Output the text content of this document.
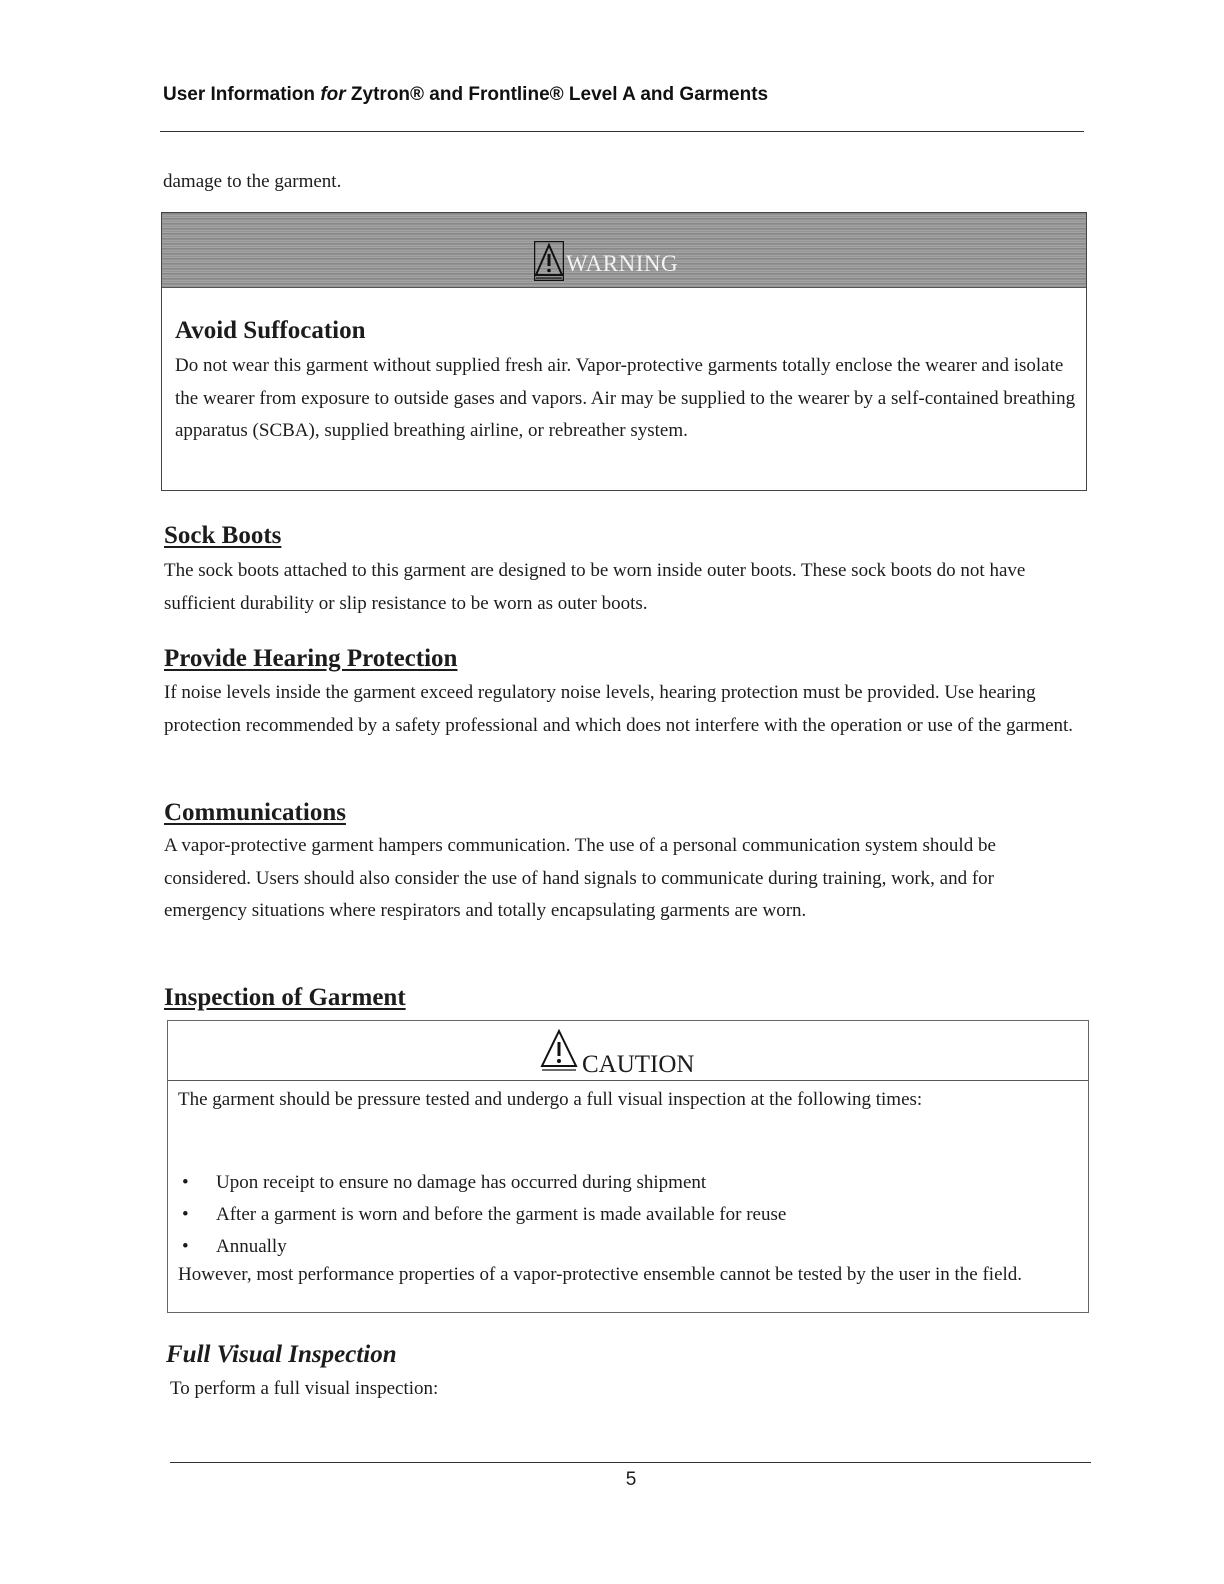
User Information for Zytron® and Frontline® Level A and Garments
damage to the garment.
WARNING
Avoid Suffocation
Do not wear this garment without supplied fresh air. Vapor-protective garments totally enclose the wearer and isolate the wearer from exposure to outside gases and vapors. Air may be supplied to the wearer by a self-contained breathing apparatus (SCBA), supplied breathing airline, or rebreather system.
Sock Boots
The sock boots attached to this garment are designed to be worn inside outer boots. These sock boots do not have sufficient durability or slip resistance to be worn as outer boots.
Provide Hearing Protection
If noise levels inside the garment exceed regulatory noise levels, hearing protection must be provided. Use hearing protection recommended by a safety professional and which does not interfere with the operation or use of the garment.
Communications
A vapor-protective garment hampers communication. The use of a personal communication system should be considered. Users should also consider the use of hand signals to communicate during training, work, and for emergency situations where respirators and totally encapsulating garments are worn.
Inspection of Garment
CAUTION
The garment should be pressure tested and undergo a full visual inspection at the following times:
• Upon receipt to ensure no damage has occurred during shipment
• After a garment is worn and before the garment is made available for reuse
• Annually
However, most performance properties of a vapor-protective ensemble cannot be tested by the user in the field.
Full Visual Inspection
To perform a full visual inspection:
5
